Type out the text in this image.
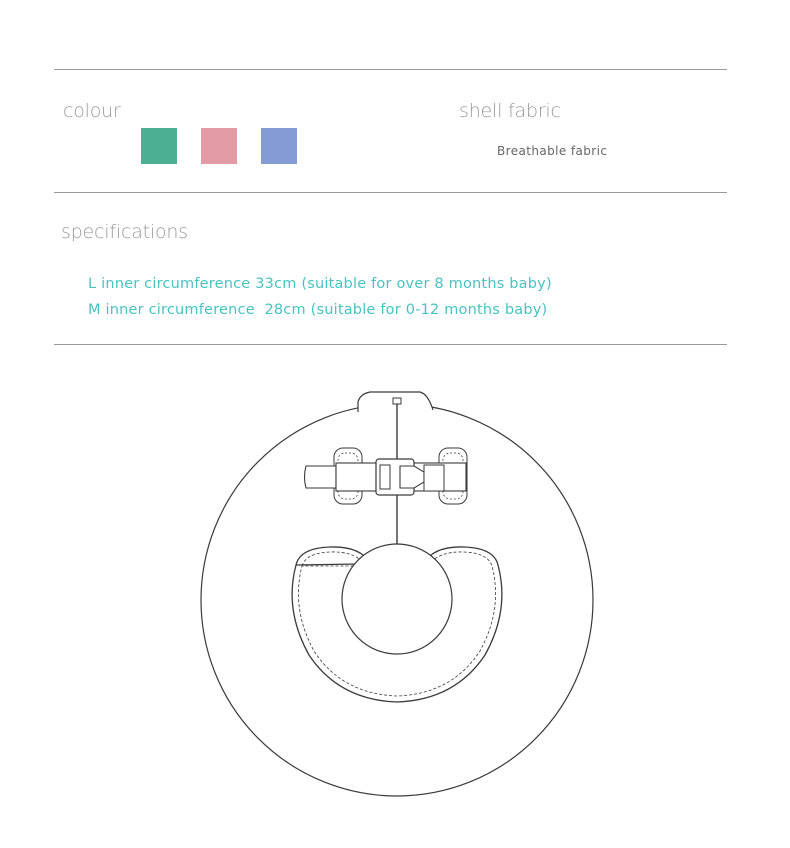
colour	shell fabric
Breathable fabric
specifications
L inner circumference 33cm (suitable for over 8 months baby)
M inner circumference  28cm (suitable for 0-12 months baby)
